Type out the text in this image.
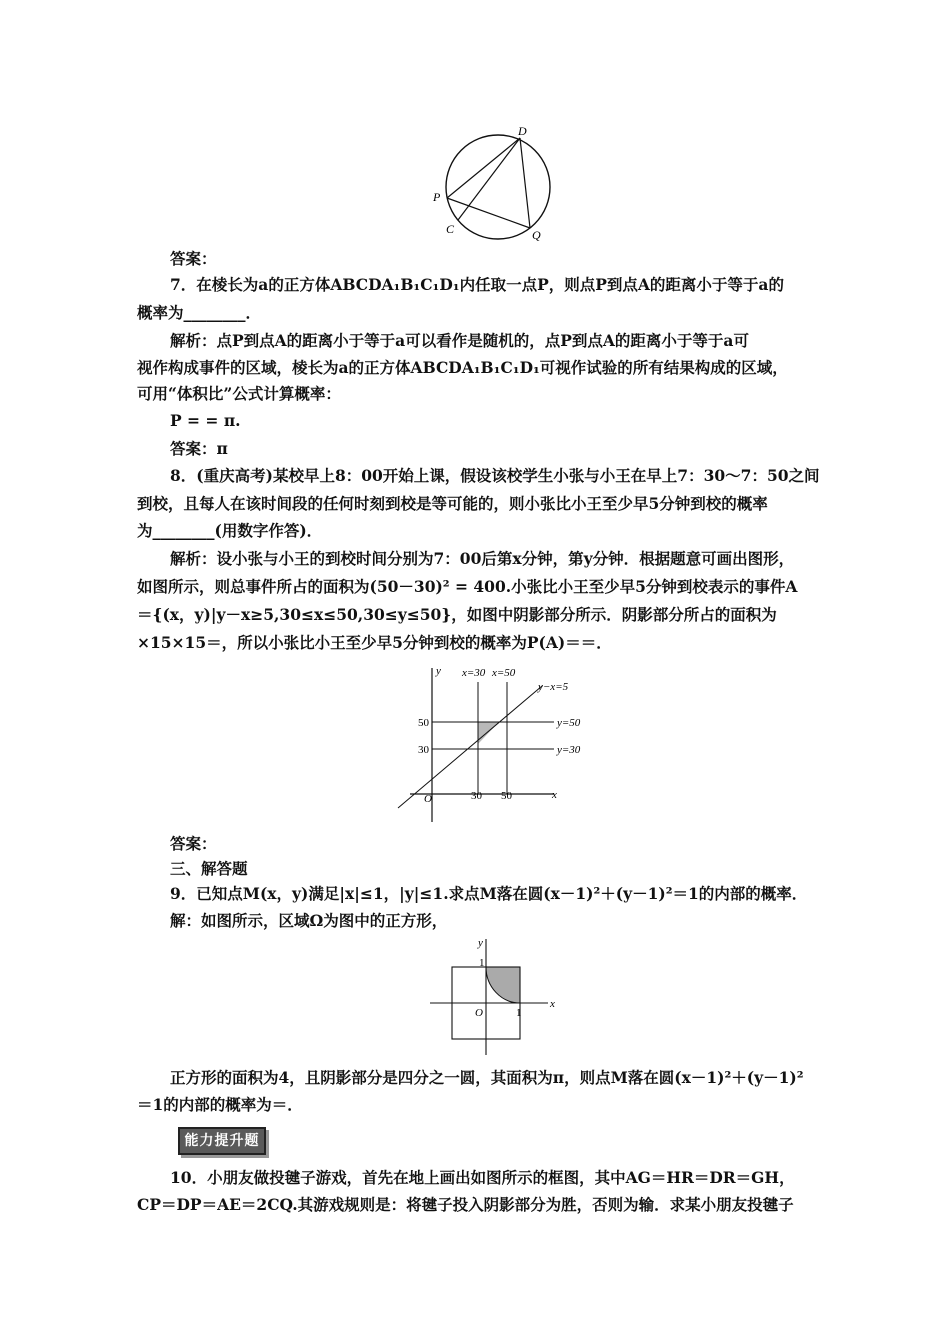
D
P
C	Q
答案：
7．在棱长为a的正方体ABCDA₁B₁C₁D₁内任取一点P，则点P到点A的距离小于等于a的
概率为________．
解析：点P到点A的距离小于等于a可以看作是随机的，点P到点A的距离小于等于a可
视作构成事件的区域，棱长为a的正方体ABCDA₁B₁C₁D₁可视作试验的所有结果构成的区域，
可用“体积比”公式计算概率：
P = = π.
答案：π
8．(重庆高考)某校早上8：00开始上课，假设该校学生小张与小王在早上7：30～7：50之间
到校，且每人在该时间段的任何时刻到校是等可能的，则小张比小王至少早5分钟到校的概率
为________(用数字作答)．
解析：设小张与小王的到校时间分别为7：00后第x分钟，第y分钟．根据题意可画出图形，
如图所示，则总事件所占的面积为(50－30)² = 400.小张比小王至少早5分钟到校表示的事件A
＝{(x，y)|y－x≥5,30≤x≤50,30≤y≤50}，如图中阴影部分所示．阴影部分所占的面积为
×15×15＝，所以小张比小王至少早5分钟到校的概率为P(A)＝＝．
y
x
O
x=30 x=50
y−x=5
y=50
y=30
30 50
50
30
答案：
三、解答题
9．已知点M(x，y)满足|x|≤1，|y|≤1.求点M落在圆(x－1)²＋(y－1)²＝1的内部的概率．
解：如图所示，区域Ω为图中的正方形，
y
x
O
1
1
正方形的面积为4，且阴影部分是四分之一圆，其面积为π，则点M落在圆(x－1)²＋(y－1)²
＝1的内部的概率为＝．
能力提升题
10．小朋友做投毽子游戏，首先在地上画出如图所示的框图，其中AG＝HR＝DR＝GH，
CP＝DP＝AE＝2CQ.其游戏规则是：将毽子投入阴影部分为胜，否则为输．求某小朋友投毽子
